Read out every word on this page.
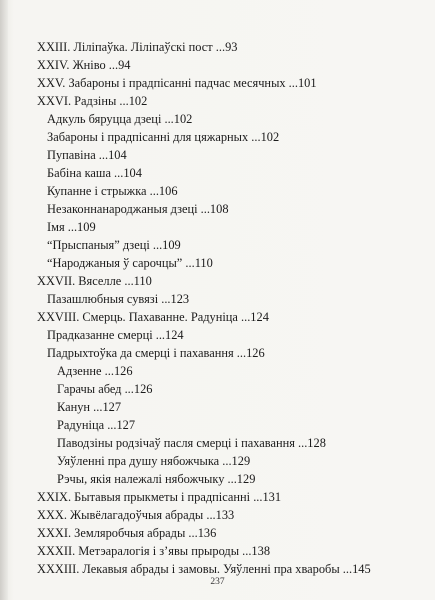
XXIII. Ліліпаўка. Ліліпаўскі пост ...93
XXIV. Жніво ...94
XXV. Забароны і прадпісанні падчас месячных ...101
XXVI. Радзіны ...102
Адкуль бяруцца дзеці ...102
Забароны і прадпісанні для цяжарных ...102
Пупавіна ...104
Бабіна каша ...104
Купанне і стрыжка ...106
Незаконнанароджаныя дзеці ...108
Імя ...109
“Прыспаныя” дзеці ...109
“Народжаныя ў сарочцы” ...110
XXVII. Вяселле ...110
Пазашлюбныя сувязі ...123
XXVIII. Смерць. Пахаванне. Радуніца ...124
Прадказанне смерці ...124
Падрыхтоўка да смерці і пахавання ...126
Адзенне ...126
Гарачы абед ...126
Канун ...127
Радуніца ...127
Паводзіны родзічаў пасля смерці і пахавання ...128
Уяўленні пра душу нябожчыка ...129
Рэчы, якія належалі нябожчыку ...129
XXIX. Бытавыя прыкметы і прадпісанні ...131
XXX. Жывёлагадоўчыя абрады ...133
XXXI. Земляробчыя абрады ...136
XXXII. Метэаралогія і з’явы прыроды ...138
XXXIII. Лекавыя абрады і замовы. Уяўленні пра хваробы ...145
237
